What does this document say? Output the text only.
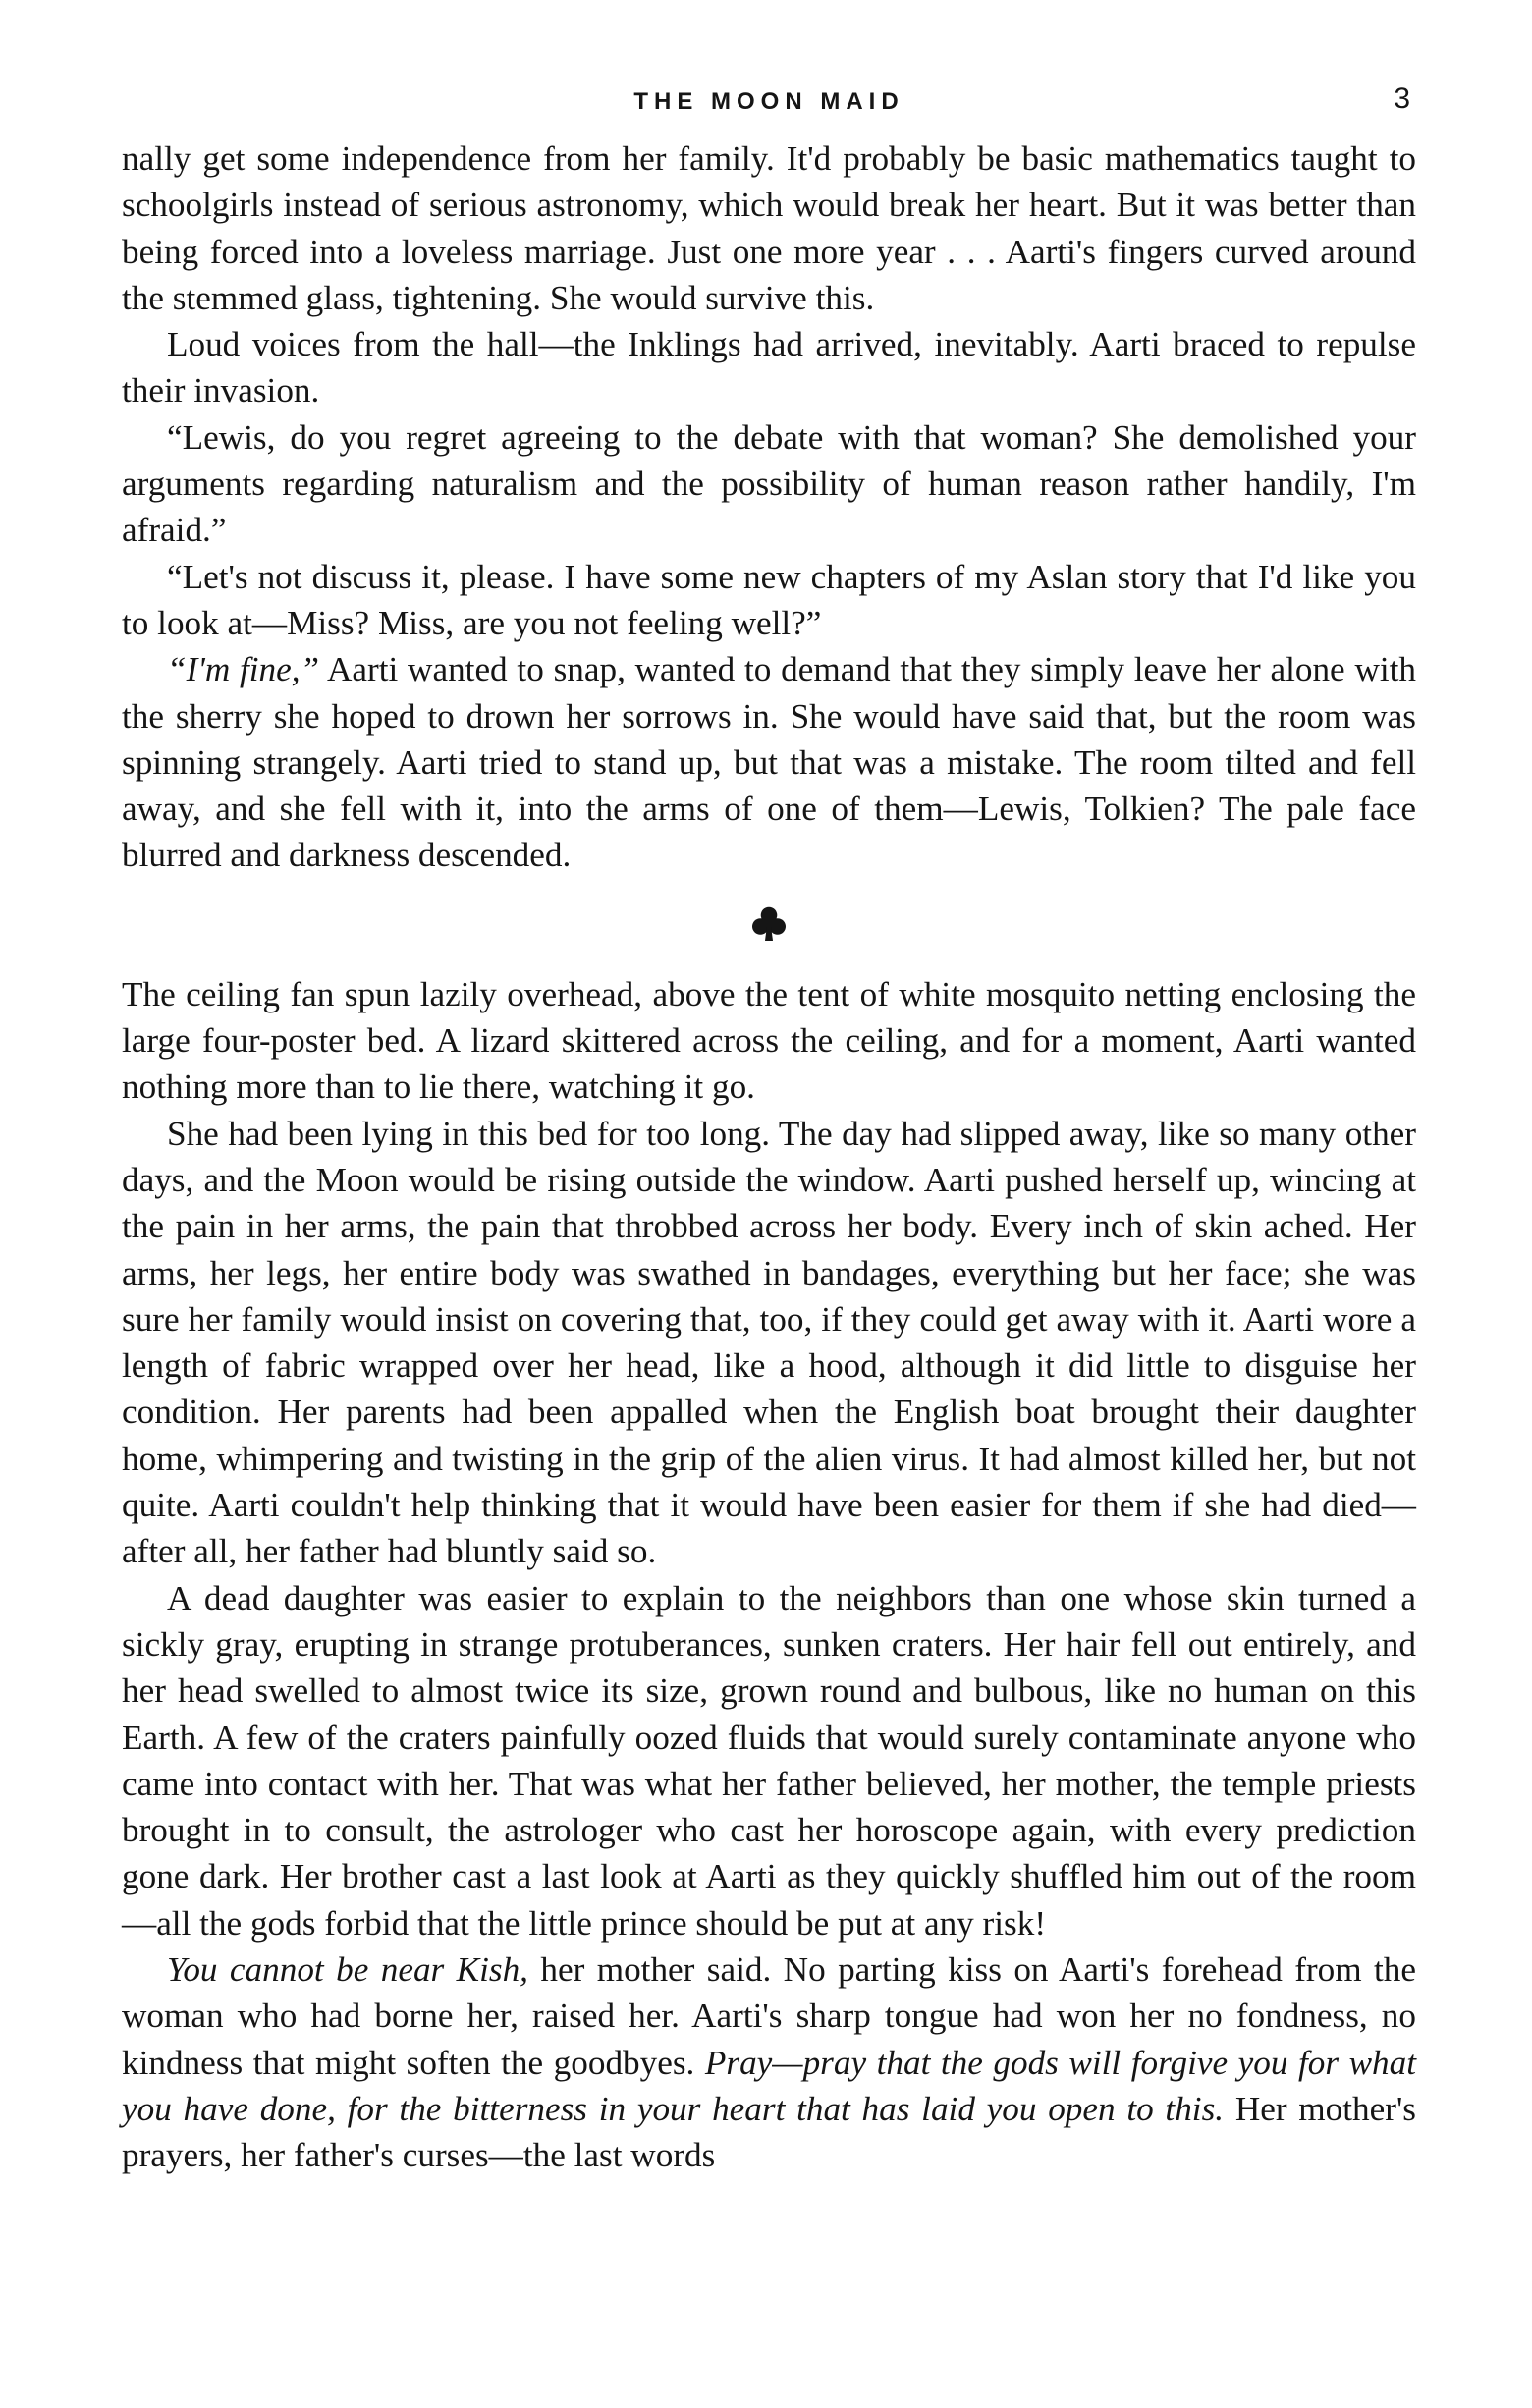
THE MOON MAID	3

nally get some independence from her family. It'd probably be basic mathematics taught to schoolgirls instead of serious astronomy, which would break her heart. But it was better than being forced into a loveless marriage. Just one more year . . . Aarti's fingers curved around the stemmed glass, tightening. She would survive this.

Loud voices from the hall—the Inklings had arrived, inevitably. Aarti braced to repulse their invasion.

“Lewis, do you regret agreeing to the debate with that woman? She demolished your arguments regarding naturalism and the possibility of human reason rather handily, I'm afraid.”

“Let's not discuss it, please. I have some new chapters of my Aslan story that I'd like you to look at—Miss? Miss, are you not feeling well?”

“I'm fine,” Aarti wanted to snap, wanted to demand that they simply leave her alone with the sherry she hoped to drown her sorrows in. She would have said that, but the room was spinning strangely. Aarti tried to stand up, but that was a mistake. The room tilted and fell away, and she fell with it, into the arms of one of them—Lewis, Tolkien? The pale face blurred and darkness descended.

The ceiling fan spun lazily overhead, above the tent of white mosquito netting enclosing the large four-poster bed. A lizard skittered across the ceiling, and for a moment, Aarti wanted nothing more than to lie there, watching it go.

She had been lying in this bed for too long. The day had slipped away, like so many other days, and the Moon would be rising outside the window. Aarti pushed herself up, wincing at the pain in her arms, the pain that throbbed across her body. Every inch of skin ached. Her arms, her legs, her entire body was swathed in bandages, everything but her face; she was sure her family would insist on covering that, too, if they could get away with it. Aarti wore a length of fabric wrapped over her head, like a hood, although it did little to disguise her condition. Her parents had been appalled when the English boat brought their daughter home, whimpering and twisting in the grip of the alien virus. It had almost killed her, but not quite. Aarti couldn't help thinking that it would have been easier for them if she had died—after all, her father had bluntly said so.

A dead daughter was easier to explain to the neighbors than one whose skin turned a sickly gray, erupting in strange protuberances, sunken craters. Her hair fell out entirely, and her head swelled to almost twice its size, grown round and bulbous, like no human on this Earth. A few of the craters painfully oozed fluids that would surely contaminate anyone who came into contact with her. That was what her father believed, her mother, the temple priests brought in to consult, the astrologer who cast her horoscope again, with every prediction gone dark. Her brother cast a last look at Aarti as they quickly shuffled him out of the room—all the gods forbid that the little prince should be put at any risk!

You cannot be near Kish, her mother said. No parting kiss on Aarti's forehead from the woman who had borne her, raised her. Aarti's sharp tongue had won her no fondness, no kindness that might soften the goodbyes. Pray—pray that the gods will forgive you for what you have done, for the bitterness in your heart that has laid you open to this. Her mother's prayers, her father's curses—the last words
